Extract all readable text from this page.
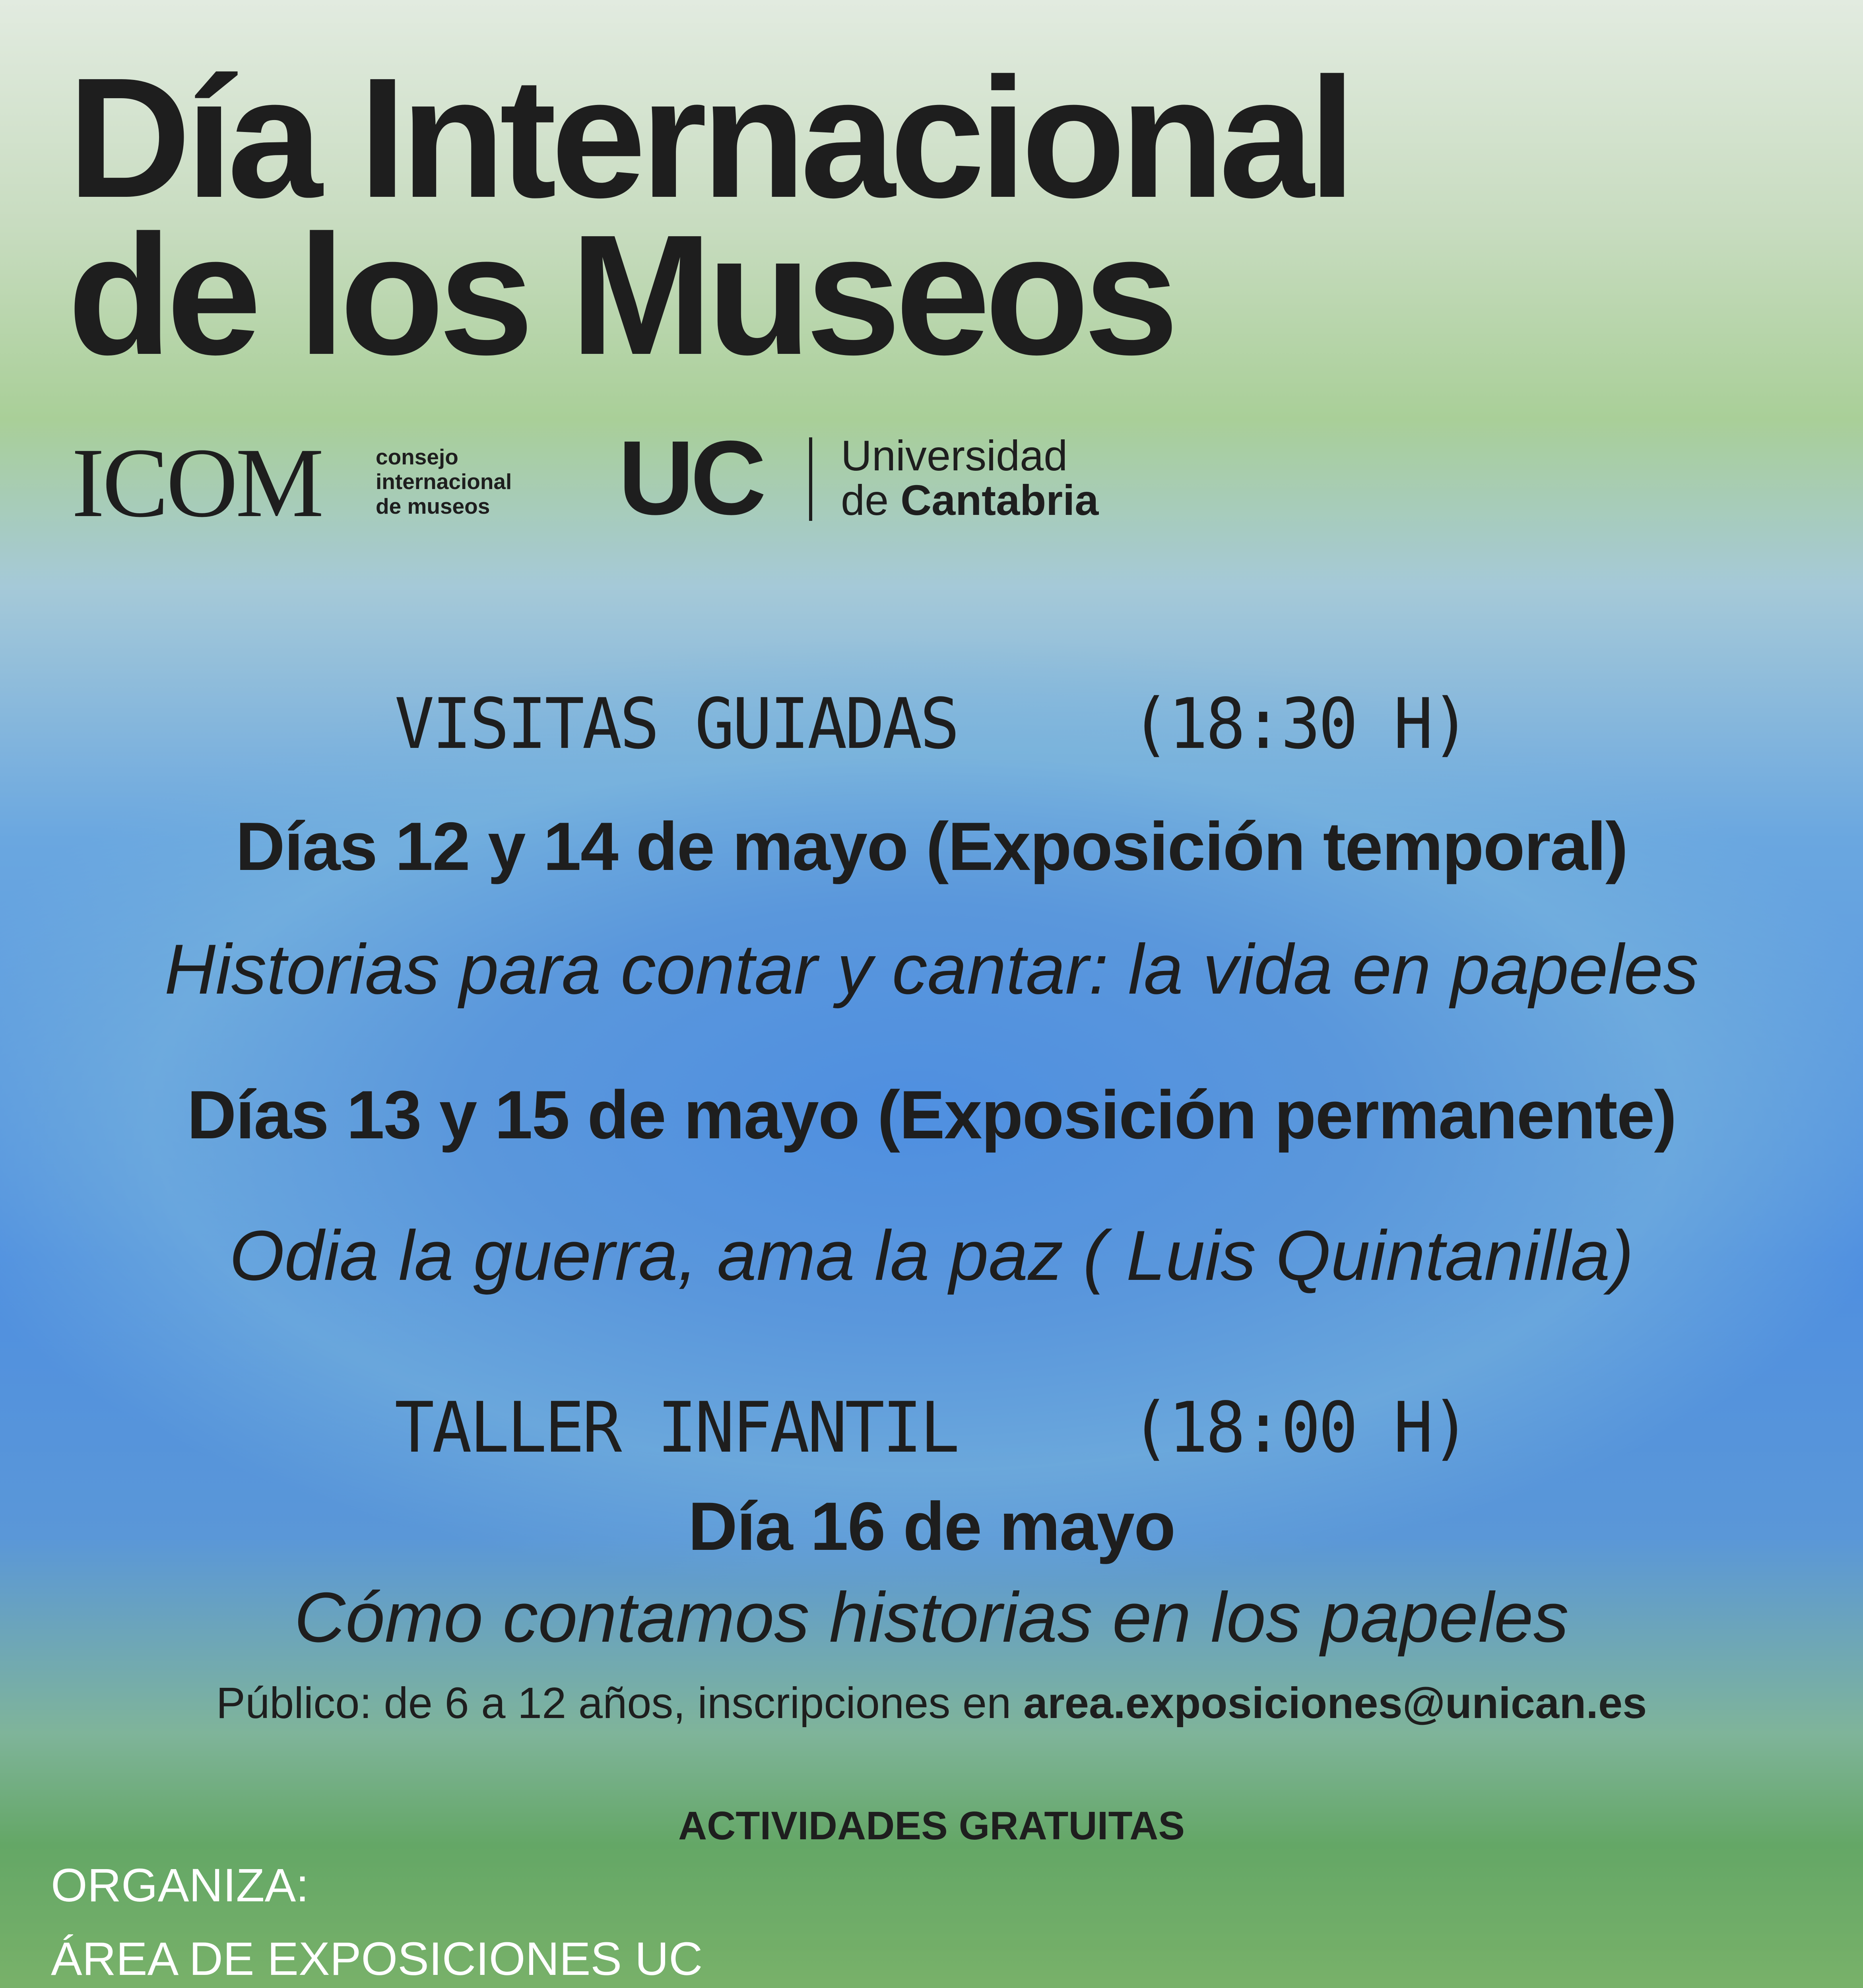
Día Internacional
de los Museos
ICOM consejo
internacional
de museos UC Universidad
de Cantabria
VISITAS GUIADAS (18:30 H)
Días 12 y 14 de mayo (Exposición temporal)
Historias para contar y cantar: la vida en papeles
Días 13 y 15 de mayo (Exposición permanente)
Odia la guerra, ama la paz ( Luis Quintanilla)
TALLER INFANTIL (18:00 H)
Día 16 de mayo
Cómo contamos historias en los papeles
Público: de 6 a 12 años, inscripciones en area.exposiciones@unican.es
ACTIVIDADES GRATUITAS
ORGANIZA:
ÁREA DE EXPOSICIONES UC
